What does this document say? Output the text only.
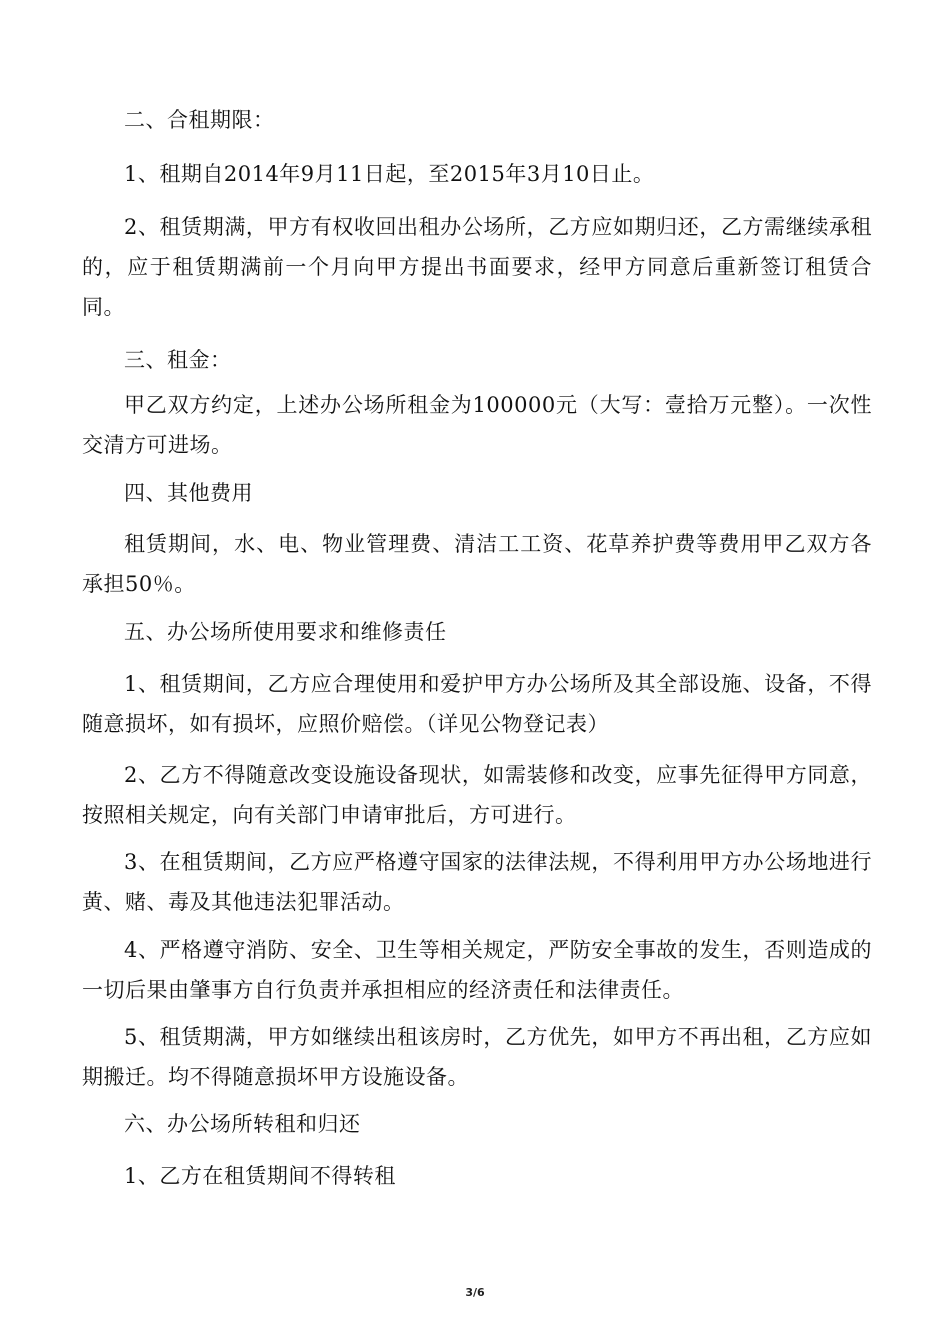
二、合租期限：

1、租期自2014年9月11日起，至2015年3月10日止。

2、租赁期满，甲方有权收回出租办公场所，乙方应如期归还，乙方需继续承租的，应于租赁期满前一个月向甲方提出书面要求，经甲方同意后重新签订租赁合同。

三、租金：

甲乙双方约定，上述办公场所租金为100000元（大写：壹拾万元整）。一次性交清方可进场。

四、其他费用

租赁期间，水、电、物业管理费、清洁工工资、花草养护费等费用甲乙双方各承担50％。

五、办公场所使用要求和维修责任

1、租赁期间，乙方应合理使用和爱护甲方办公场所及其全部设施、设备，不得随意损坏，如有损坏，应照价赔偿。（详见公物登记表）

2、乙方不得随意改变设施设备现状，如需装修和改变，应事先征得甲方同意，按照相关规定，向有关部门申请审批后，方可进行。

3、在租赁期间，乙方应严格遵守国家的法律法规，不得利用甲方办公场地进行黄、赌、毒及其他违法犯罪活动。

4、严格遵守消防、安全、卫生等相关规定，严防安全事故的发生，否则造成的一切后果由肇事方自行负责并承担相应的经济责任和法律责任。

5、租赁期满，甲方如继续出租该房时，乙方优先，如甲方不再出租，乙方应如期搬迁。均不得随意损坏甲方设施设备。

六、办公场所转租和归还

1、乙方在租赁期间不得转租

3/6
